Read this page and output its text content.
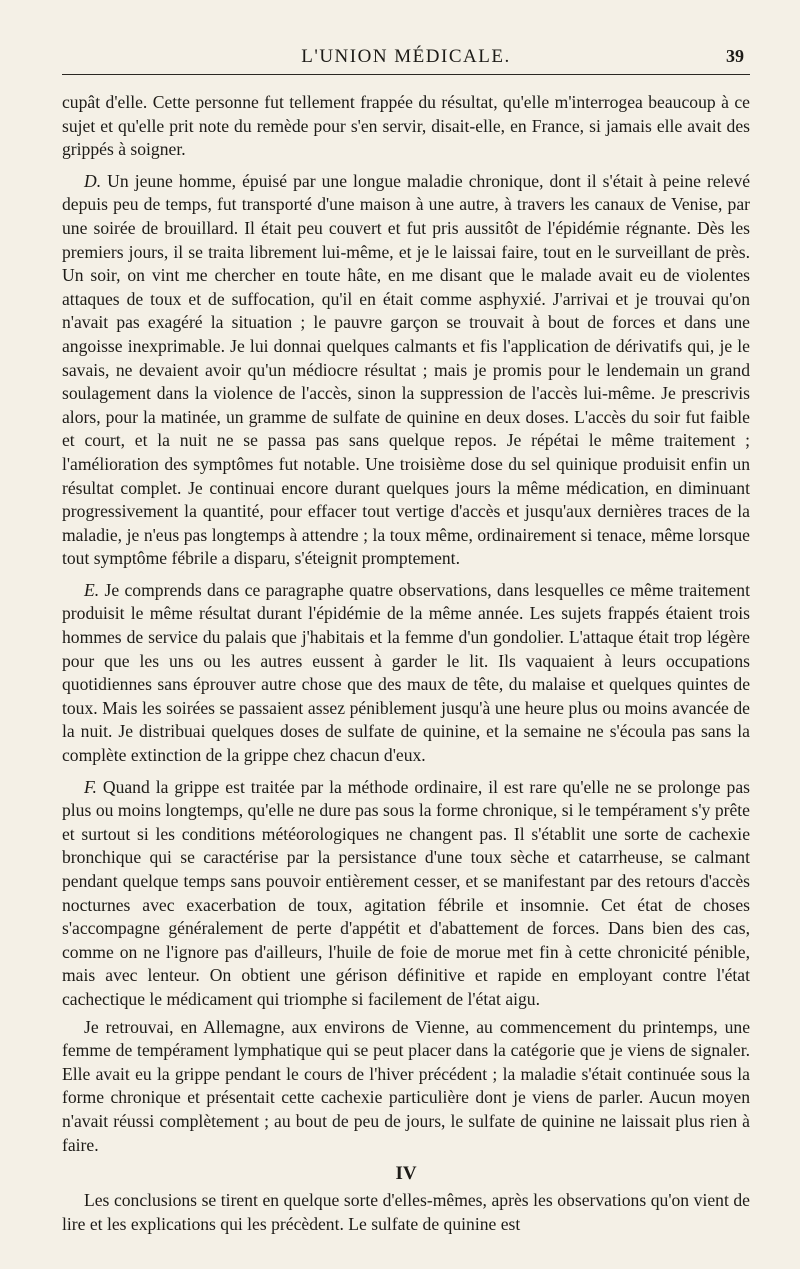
L'UNION MÉDICALE.	39

cupât d'elle. Cette personne fut tellement frappée du résultat, qu'elle m'interrogea beaucoup à ce sujet et qu'elle prit note du remède pour s'en servir, disait-elle, en France, si jamais elle avait des grippés à soigner.

D. Un jeune homme, épuisé par une longue maladie chronique, dont il s'était à peine relevé depuis peu de temps, fut transporté d'une maison à une autre, à travers les canaux de Venise, par une soirée de brouillard. Il était peu couvert et fut pris aussitôt de l'épidémie régnante. Dès les premiers jours, il se traita librement lui-même, et je le laissai faire, tout en le surveillant de près. Un soir, on vint me chercher en toute hâte, en me disant que le malade avait eu de violentes attaques de toux et de suffocation, qu'il en était comme asphyxié. J'arrivai et je trouvai qu'on n'avait pas exagéré la situation ; le pauvre garçon se trouvait à bout de forces et dans une angoisse inexprimable. Je lui donnai quelques calmants et fis l'application de dérivatifs qui, je le savais, ne devaient avoir qu'un médiocre résultat ; mais je promis pour le lendemain un grand soulagement dans la violence de l'accès, sinon la suppression de l'accès lui-même. Je prescrivis alors, pour la matinée, un gramme de sulfate de quinine en deux doses. L'accès du soir fut faible et court, et la nuit ne se passa pas sans quelque repos. Je répétai le même traitement ; l'amélioration des symptômes fut notable. Une troisième dose du sel quinique produisit enfin un résultat complet. Je continuai encore durant quelques jours la même médication, en diminuant progressivement la quantité, pour effacer tout vertige d'accès et jusqu'aux dernières traces de la maladie, je n'eus pas longtemps à attendre ; la toux même, ordinairement si tenace, même lorsque tout symptôme fébrile a disparu, s'éteignit promptement.

E. Je comprends dans ce paragraphe quatre observations, dans lesquelles ce même traitement produisit le même résultat durant l'épidémie de la même année. Les sujets frappés étaient trois hommes de service du palais que j'habitais et la femme d'un gondolier. L'attaque était trop légère pour que les uns ou les autres eussent à garder le lit. Ils vaquaient à leurs occupations quotidiennes sans éprouver autre chose que des maux de tête, du malaise et quelques quintes de toux. Mais les soirées se passaient assez péniblement jusqu'à une heure plus ou moins avancée de la nuit. Je distribuai quelques doses de sulfate de quinine, et la semaine ne s'écoula pas sans la complète extinction de la grippe chez chacun d'eux.

F. Quand la grippe est traitée par la méthode ordinaire, il est rare qu'elle ne se prolonge pas plus ou moins longtemps, qu'elle ne dure pas sous la forme chronique, si le tempérament s'y prête et surtout si les conditions météorologiques ne changent pas. Il s'établit une sorte de cachexie bronchique qui se caractérise par la persistance d'une toux sèche et catarrheuse, se calmant pendant quelque temps sans pouvoir entièrement cesser, et se manifestant par des retours d'accès nocturnes avec exacerbation de toux, agitation fébrile et insomnie. Cet état de choses s'accompagne généralement de perte d'appétit et d'abattement de forces. Dans bien des cas, comme on ne l'ignore pas d'ailleurs, l'huile de foie de morue met fin à cette chronicité pénible, mais avec lenteur. On obtient une gérison définitive et rapide en employant contre l'état cachectique le médicament qui triomphe si facilement de l'état aigu.

Je retrouvai, en Allemagne, aux environs de Vienne, au commencement du printemps, une femme de tempérament lymphatique qui se peut placer dans la catégorie que je viens de signaler. Elle avait eu la grippe pendant le cours de l'hiver précédent ; la maladie s'était continuée sous la forme chronique et présentait cette cachexie particulière dont je viens de parler. Aucun moyen n'avait réussi complètement ; au bout de peu de jours, le sulfate de quinine ne laissait plus rien à faire.

IV

Les conclusions se tirent en quelque sorte d'elles-mêmes, après les observations qu'on vient de lire et les explications qui les précèdent. Le sulfate de quinine est
